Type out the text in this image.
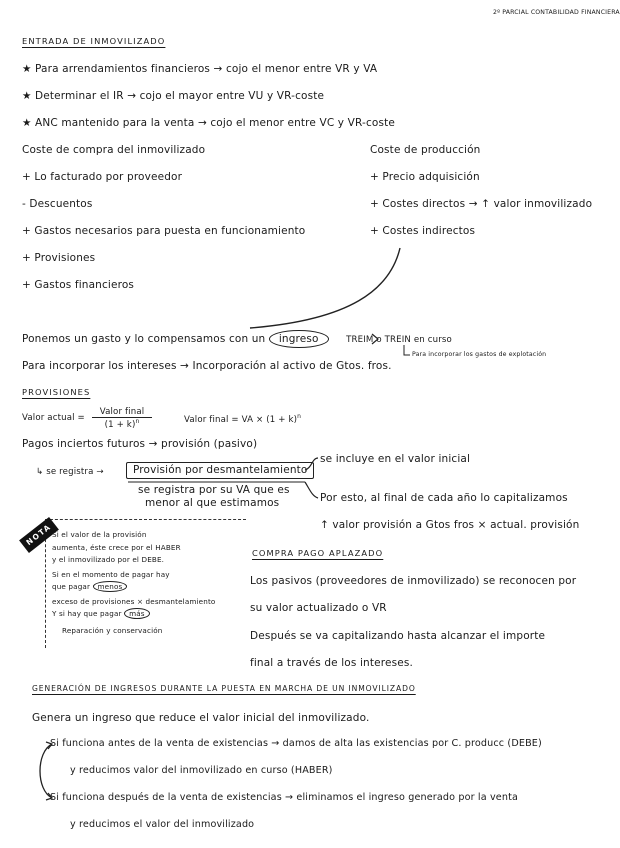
2º PARCIAL CONTABILIDAD FINANCIERA
ENTRADA DE INMOVILIZADO
★ Para arrendamientos financieros → cojo el menor entre VR y VA
★ Determinar el IR → cojo el mayor entre VU y VR-coste
★ ANC mantenido para la venta → cojo el menor entre VC y VR-coste
Coste de compra del inmovilizado
+ Lo facturado por proveedor
- Descuentos
+ Gastos necesarios para puesta en funcionamiento
+ Provisiones
+ Gastos financieros
Coste de producción
+ Precio adquisición
+ Costes directos → ↑ valor inmovilizado
+ Costes indirectos
Ponemos un gasto y lo compensamos con un ingreso	TREIM o TREIN en curso
Para incorporar los gastos de explotación
Para incorporar los intereses → Incorporación al activo de Gtos. fros.
PROVISIONES
Valor actual =
Valor final
$(1 + k)^n$	Valor final = VA × $(1 + k)^n$
Pagos inciertos futuros → provisión (pasivo)
↳ se registra →	Provisión por desmantelamiento
se incluye en el valor inicial
se registra por su VA que es
menor al que estimamos	Por esto, al final de cada año lo capitalizamos
↑ valor provisión a Gtos fros × actual. provisión
NOTA Si el valor de la provisión
aumenta, éste crece por el HABER
y el inmovilizado por el DEBE.
Si en el momento de pagar hay
que pagar menos
exceso de provisiones × desmantelamiento
Y si hay que pagar más
Reparación y conservación
COMPRA PAGO APLAZADO
Los pasivos (proveedores de inmovilizado) se reconocen por
su valor actualizado o VR
Después se va capitalizando hasta alcanzar el importe
final a través de los intereses.
GENERACIÓN DE INGRESOS DURANTE LA PUESTA EN MARCHA DE UN INMOVILIZADO
Genera un ingreso que reduce el valor inicial del inmovilizado.
Si funciona antes de la venta de existencias → damos de alta las existencias por C. producc (DEBE)
y reducimos valor del inmovilizado en curso (HABER)
Si funciona después de la venta de existencias → eliminamos el ingreso generado por la venta
y reducimos el valor del inmovilizado
